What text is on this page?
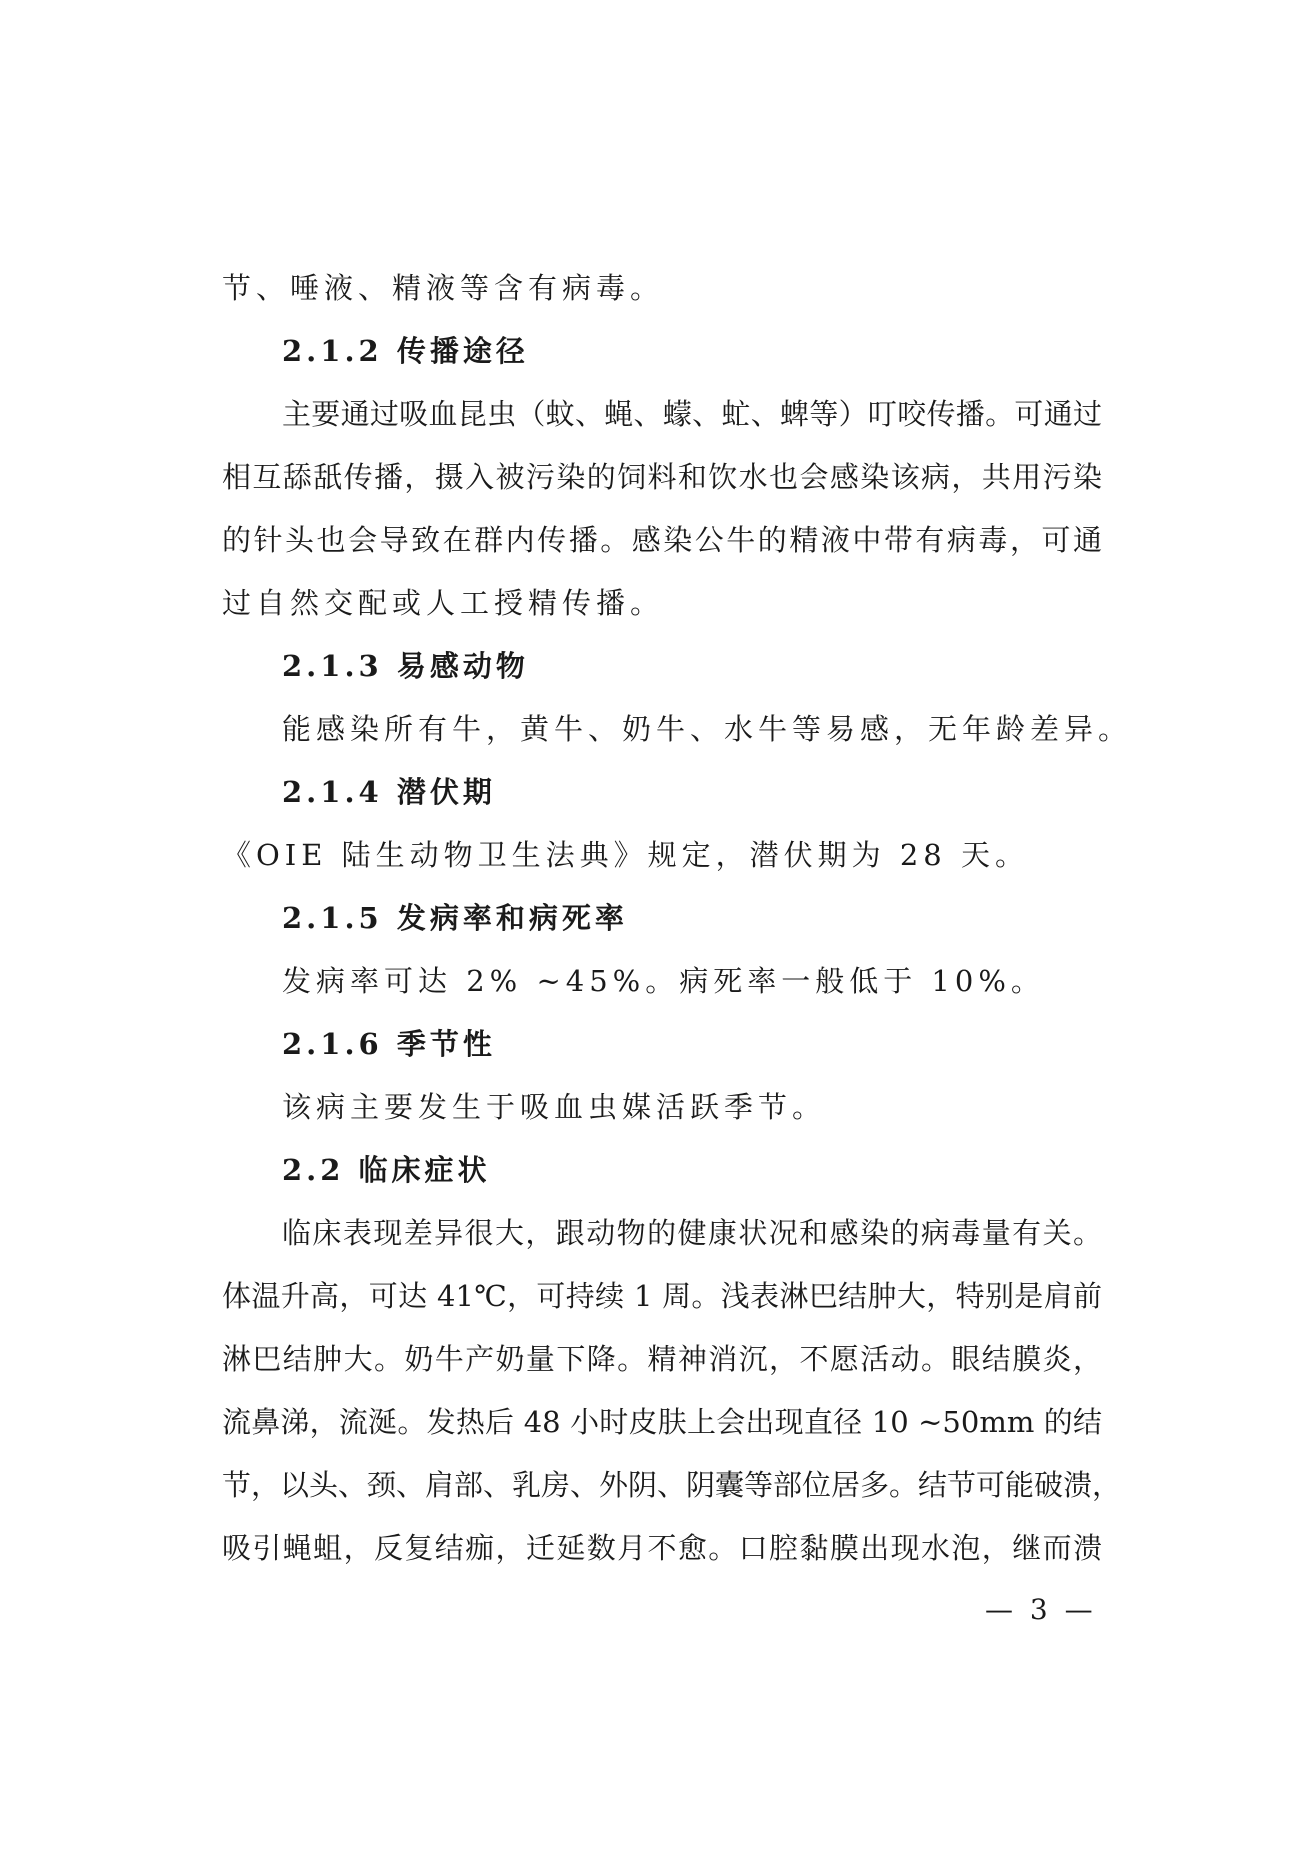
节、唾液、精液等含有病毒。
2.1.2 传播途径
主要通过吸血昆虫（蚊、蝇、蠓、虻、蜱等）叮咬传播。可通过
相互舔舐传播，摄入被污染的饲料和饮水也会感染该病，共用污染
的针头也会导致在群内传播。感染公牛的精液中带有病毒，可通
过自然交配或人工授精传播。
2.1.3 易感动物
能感染所有牛，黄牛、奶牛、水牛等易感，无年龄差异。
2.1.4 潜伏期
《OIE 陆生动物卫生法典》规定，潜伏期为 28 天。
2.1.5 发病率和病死率
发病率可达 2% ~45%。病死率一般低于 10%。
2.1.6 季节性
该病主要发生于吸血虫媒活跃季节。
2.2 临床症状
临床表现差异很大，跟动物的健康状况和感染的病毒量有关。
体温升高，可达 41℃，可持续 1 周。浅表淋巴结肿大，特别是肩前
淋巴结肿大。奶牛产奶量下降。精神消沉，不愿活动。眼结膜炎，
流鼻涕，流涎。发热后 48 小时皮肤上会出现直径 10 ~50mm 的结
节，以头、颈、肩部、乳房、外阴、阴囊等部位居多。结节可能破溃，
吸引蝇蛆，反复结痂，迁延数月不愈。口腔黏膜出现水泡，继而溃
— 3 —
